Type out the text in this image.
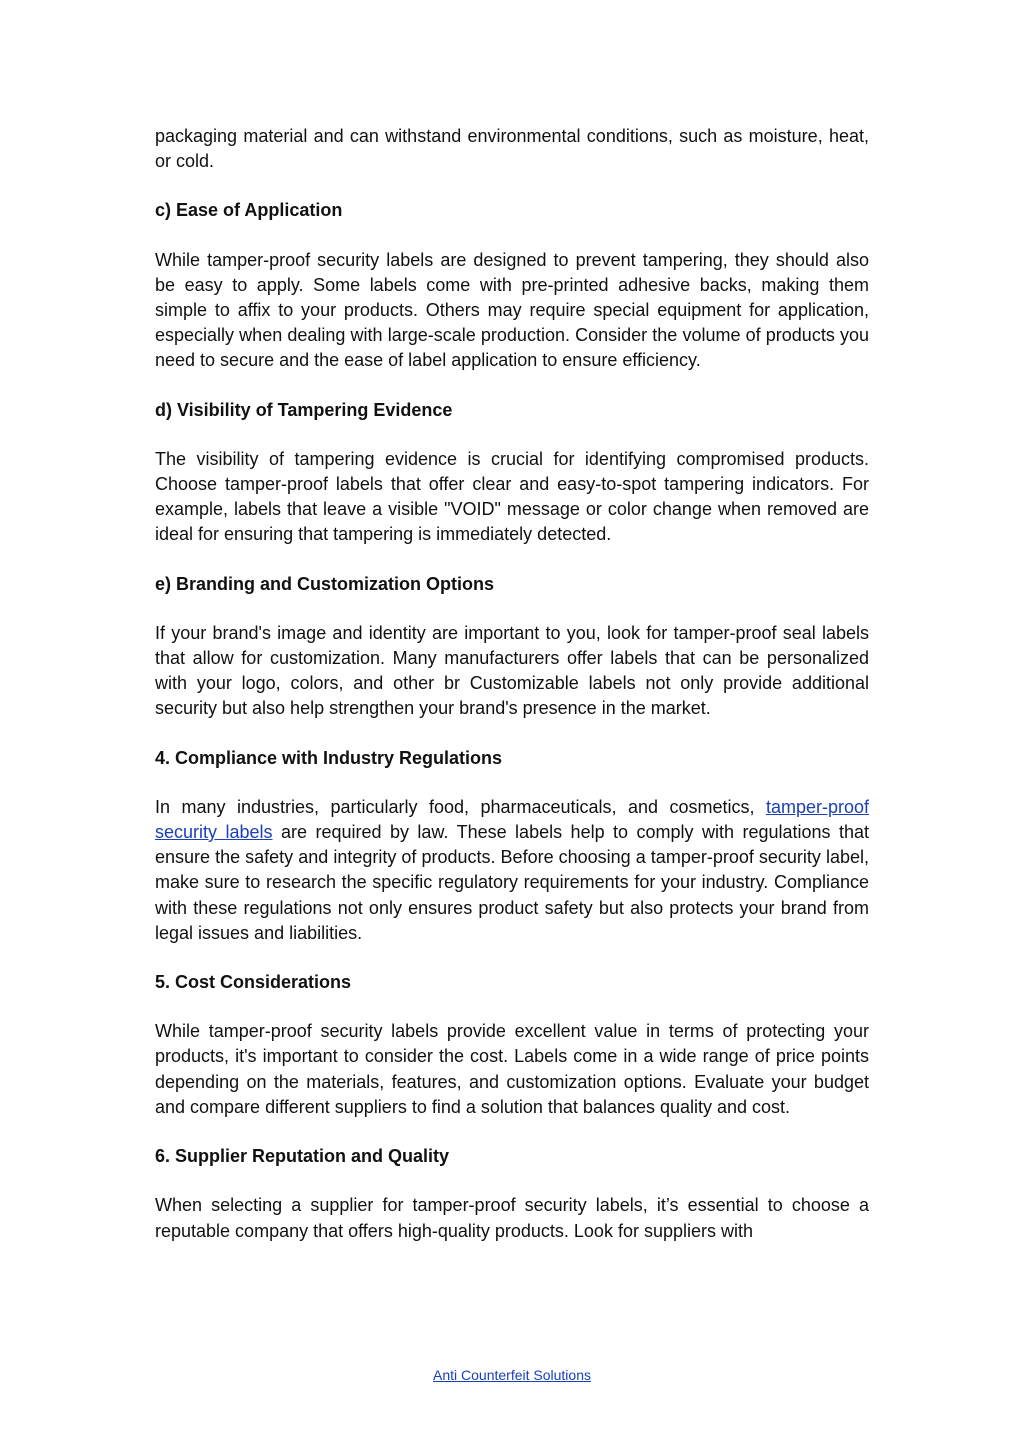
packaging material and can withstand environmental conditions, such as moisture, heat, or cold.

c) Ease of Application

While tamper-proof security labels are designed to prevent tampering, they should also be easy to apply. Some labels come with pre-printed adhesive backs, making them simple to affix to your products. Others may require special equipment for application, especially when dealing with large-scale production. Consider the volume of products you need to secure and the ease of label application to ensure efficiency.

d) Visibility of Tampering Evidence

The visibility of tampering evidence is crucial for identifying compromised products. Choose tamper-proof labels that offer clear and easy-to-spot tampering indicators. For example, labels that leave a visible "VOID" message or color change when removed are ideal for ensuring that tampering is immediately detected.

e) Branding and Customization Options

If your brand's image and identity are important to you, look for tamper-proof seal labels that allow for customization. Many manufacturers offer labels that can be personalized with your logo, colors, and other br Customizable labels not only provide additional security but also help strengthen your brand's presence in the market.

4. Compliance with Industry Regulations

In many industries, particularly food, pharmaceuticals, and cosmetics, tamper-proof security labels are required by law. These labels help to comply with regulations that ensure the safety and integrity of products. Before choosing a tamper-proof security label, make sure to research the specific regulatory requirements for your industry. Compliance with these regulations not only ensures product safety but also protects your brand from legal issues and liabilities.

5. Cost Considerations

While tamper-proof security labels provide excellent value in terms of protecting your products, it's important to consider the cost. Labels come in a wide range of price points depending on the materials, features, and customization options. Evaluate your budget and compare different suppliers to find a solution that balances quality and cost.

6. Supplier Reputation and Quality

When selecting a supplier for tamper-proof security labels, it’s essential to choose a reputable company that offers high-quality products. Look for suppliers with

Anti Counterfeit Solutions
